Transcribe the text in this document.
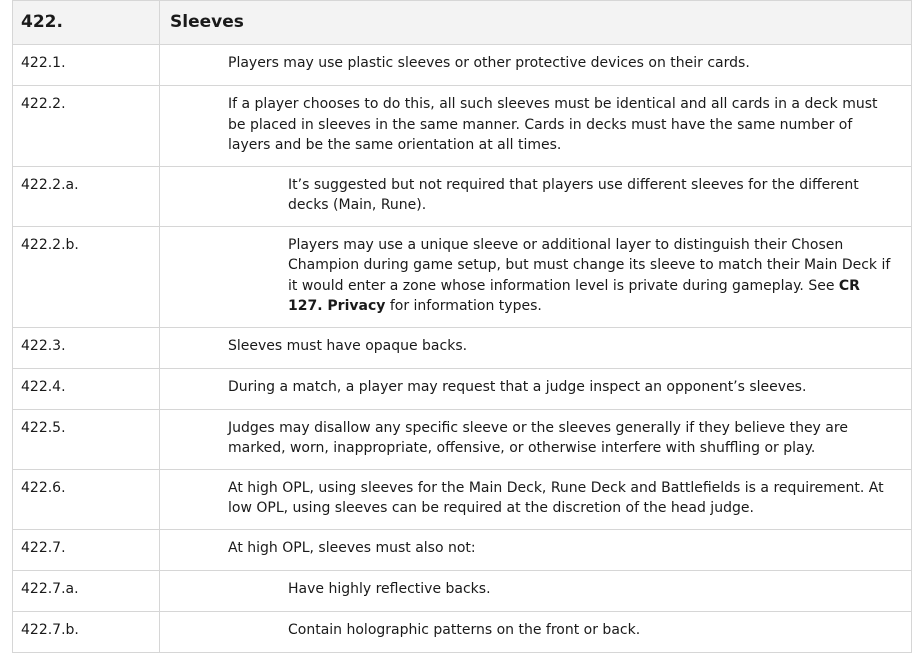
422.	Sleeves
422.1.	Players may use plastic sleeves or other protective devices on their cards.
422.2.	If a player chooses to do this, all such sleeves must be identical and all cards in a deck must be placed in sleeves in the same manner. Cards in decks must have the same number of layers and be the same orientation at all times.
422.2.a.	It’s suggested but not required that players use different sleeves for the different decks (Main, Rune).
422.2.b.	Players may use a unique sleeve or additional layer to distinguish their Chosen Champion during game setup, but must change its sleeve to match their Main Deck if it would enter a zone whose information level is private during gameplay. See CR 127. Privacy for information types.
422.3.	Sleeves must have opaque backs.
422.4.	During a match, a player may request that a judge inspect an opponent’s sleeves.
422.5.	Judges may disallow any specific sleeve or the sleeves generally if they believe they are marked, worn, inappropriate, offensive, or otherwise interfere with shuffling or play.
422.6.	At high OPL, using sleeves for the Main Deck, Rune Deck and Battlefields is a requirement. At low OPL, using sleeves can be required at the discretion of the head judge.
422.7.	At high OPL, sleeves must also not:
422.7.a.	Have highly reflective backs.
422.7.b.	Contain holographic patterns on the front or back.
